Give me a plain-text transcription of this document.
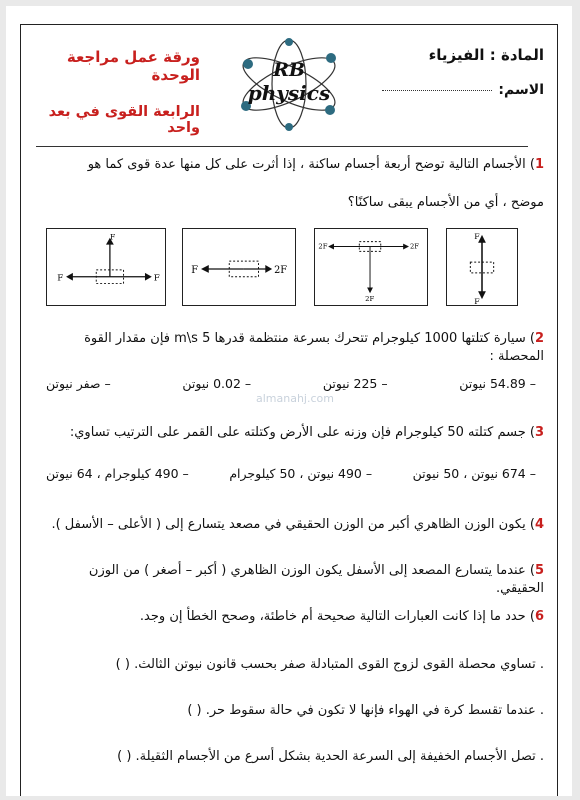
المادة : الفيزياء
الاسم:
RB
physics
ورقة عمل مراجعة الوحدة
الرابعة القوى في بعد واحد
1) الأجسام التالية توضح أربعة أجسام ساكنة ، إذا أثرت على كل منها عدة قوى كما هو
موضح ، أي من الأجسام يبقى ساكنًا؟
F
F	F
F	2F
2F	2F
2F
F
F
2) سيارة كتلتها 1000 كيلوجرام تتحرك بسرعة منتظمة قدرها 5 m\s فإن مقدار القوة المحصلة :
– صفر نيوتن	– 0.02 نيوتن	– 225 نيوتن	– 54.89 نيوتن
almanahj.com
3) جسم كتلته 50 كيلوجرام فإن وزنه على الأرض وكتلته على القمر على الترتيب تساوي:
– 490 كيلوجرام ، 64 نيوتن	– 490 نيوتن ، 50 كيلوجرام	– 674 نيوتن ، 50 نيوتن
4) يكون الوزن الظاهري أكبر من الوزن الحقيقي في مصعد يتسارع إلى ( الأعلى – الأسفل ).
5) عندما يتسارع المصعد إلى الأسفل يكون الوزن الظاهري ( أكبر – أصغر ) من الوزن الحقيقي.
6) حدد ما إذا كانت العبارات التالية صحيحة أم خاطئة، وصحح الخطأ إن وجد.
. تساوي محصلة القوى لزوج القوى المتبادلة صفر بحسب قانون نيوتن الثالث. ( )
. عندما تقسط كرة في الهواء فإنها لا تكون في حالة سقوط حر. ( )
. تصل الأجسام الخفيفة إلى السرعة الحدية بشكل أسرع من الأجسام الثقيلة. ( )
